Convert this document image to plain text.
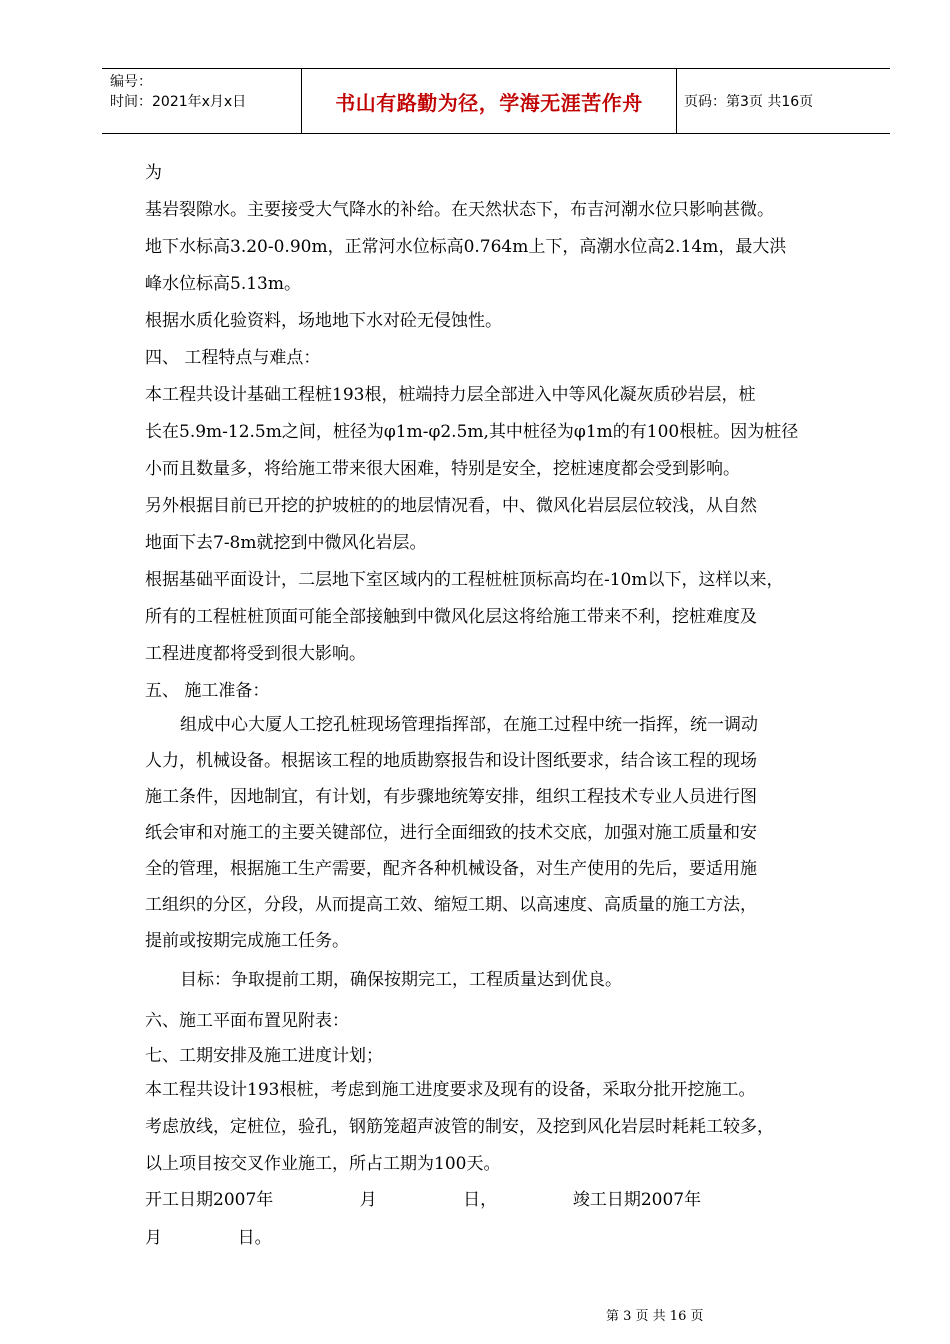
编号：
时间：2021年x月x日	书山有路勤为径，学海无涯苦作舟	页码：第3页 共16页
为
基岩裂隙水。主要接受大气降水的补给。在天然状态下，布吉河潮水位只影响甚微。
地下水标高3.20-0.90m，正常河水位标高0.764m上下，高潮水位高2.14m，最大洪
峰水位标高5.13m。
根据水质化验资料，场地地下水对砼无侵蚀性。
四、 工程特点与难点：
本工程共设计基础工程桩193根，桩端持力层全部进入中等风化凝灰质砂岩层，桩
长在5.9m-12.5m之间，桩径为φ1m-φ2.5m,其中桩径为φ1m的有100根桩。因为桩径
小而且数量多，将给施工带来很大困难，特别是安全，挖桩速度都会受到影响。
另外根据目前已开挖的护坡桩的的地层情况看，中、微风化岩层层位较浅，从自然
地面下去7-8m就挖到中微风化岩层。
根据基础平面设计，二层地下室区域内的工程桩桩顶标高均在-10m以下，这样以来，
所有的工程桩桩顶面可能全部接触到中微风化层这将给施工带来不利，挖桩难度及
工程进度都将受到很大影响。
五、 施工准备：
组成中心大厦人工挖孔桩现场管理指挥部，在施工过程中统一指挥，统一调动
人力，机械设备。根据该工程的地质勘察报告和设计图纸要求，结合该工程的现场
施工条件，因地制宜，有计划，有步骤地统筹安排，组织工程技术专业人员进行图
纸会审和对施工的主要关键部位，进行全面细致的技术交底，加强对施工质量和安
全的管理，根据施工生产需要，配齐各种机械设备，对生产使用的先后，要适用施
工组织的分区，分段，从而提高工效、缩短工期、以高速度、高质量的施工方法，
提前或按期完成施工任务。
目标：争取提前工期，确保按期完工，工程质量达到优良。
六、施工平面布置见附表：
七、工期安排及施工进度计划；
本工程共设计193根桩，考虑到施工进度要求及现有的设备，采取分批开挖施工。
考虑放线，定桩位，验孔，钢筋笼超声波管的制安，及挖到风化岩层时耗耗工较多，
以上项目按交叉作业施工，所占工期为100天。
开工日期2007年                月                日，              竣工日期2007年
月              日。
第 3 页 共 16 页
